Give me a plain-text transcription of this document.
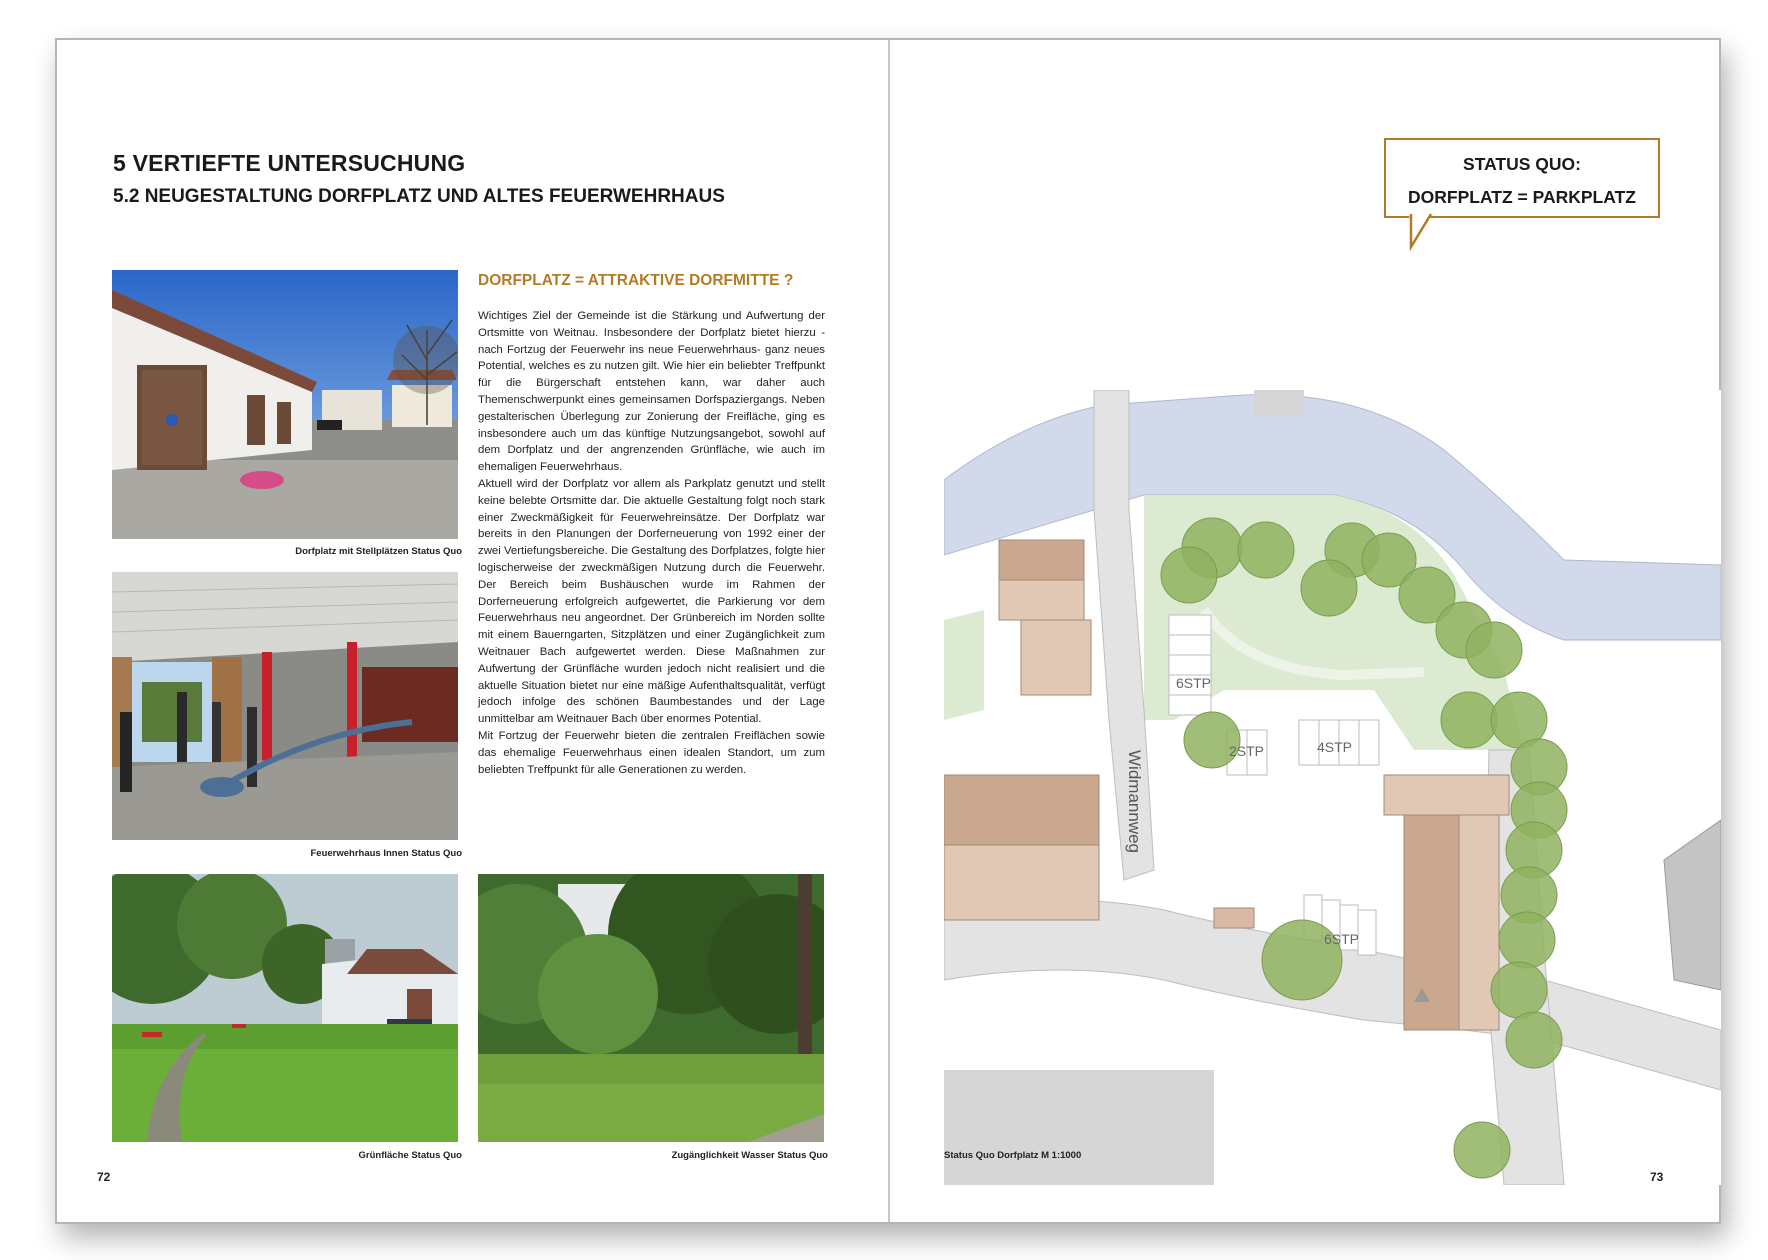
5 VERTIEFTE UNTERSUCHUNG
5.2 NEUGESTALTUNG DORFPLATZ UND ALTES FEUERWEHRHAUS
Dorfplatz mit Stellplätzen Status Quo
Feuerwehrhaus Innen Status Quo
Grünfläche Status Quo	Zugänglichkeit Wasser Status Quo
DORFPLATZ = ATTRAKTIVE DORFMITTE ?

Wichtiges Ziel der Gemeinde ist die Stärkung und Aufwertung der Ortsmitte von Weitnau. Insbesondere der Dorfplatz bietet hierzu - nach Fortzug der Feuerwehr ins neue Feuerwehrhaus- ganz neues Potential, welches es zu nutzen gilt. Wie hier ein beliebter Treffpunkt für die Bürgerschaft entstehen kann, war daher auch Themenschwerpunkt eines gemeinsamen Dorfspaziergangs. Neben gestalterischen Überlegung zur Zonierung der Freifläche, ging es insbesondere auch um das künftige Nutzungsangebot, sowohl auf dem Dorfplatz und der angrenzenden Grünfläche, wie auch im ehemaligen Feuerwehrhaus.

Aktuell wird der Dorfplatz vor allem als Parkplatz genutzt und stellt keine belebte Ortsmitte dar. Die aktuelle Gestaltung folgt noch stark einer Zweckmäßigkeit für Feuerwehreinsätze. Der Dorfplatz war bereits in den Planungen der Dorferneuerung von 1992 einer der zwei Vertiefungsbereiche. Die Gestaltung des Dorfplatzes, folgte hier logischerweise der zweckmäßigen Nutzung durch die Feuerwehr. Der Bereich beim Bushäuschen wurde im Rahmen der Dorferneuerung erfolgreich aufgewertet, die Parkierung vor dem Feuerwehrhaus neu angeordnet. Der Grünbereich im Norden sollte mit einem Bauerngarten, Sitzplätzen und einer Zugänglichkeit zum Weitnauer Bach aufgewertet werden. Diese Maßnahmen zur Aufwertung der Grünfläche wurden jedoch nicht realisiert und die aktuelle Situation bietet nur eine mäßige Aufenthaltsqualität, verfügt jedoch infolge des schönen Baumbestandes und der Lage unmittelbar am Weitnauer Bach über enormes Potential.

Mit Fortzug der Feuerwehr bieten die zentralen Freiflächen sowie das ehemalige Feuerwehrhaus einen idealen Standort, um zum beliebten Treffpunkt für alle Generationen zu werden.

72
STATUS QUO:
DORFPLATZ = PARKPLATZ
6STP
2STP	4STP
6STP
Widmannweg
Status Quo Dorfplatz M 1:1000
73
